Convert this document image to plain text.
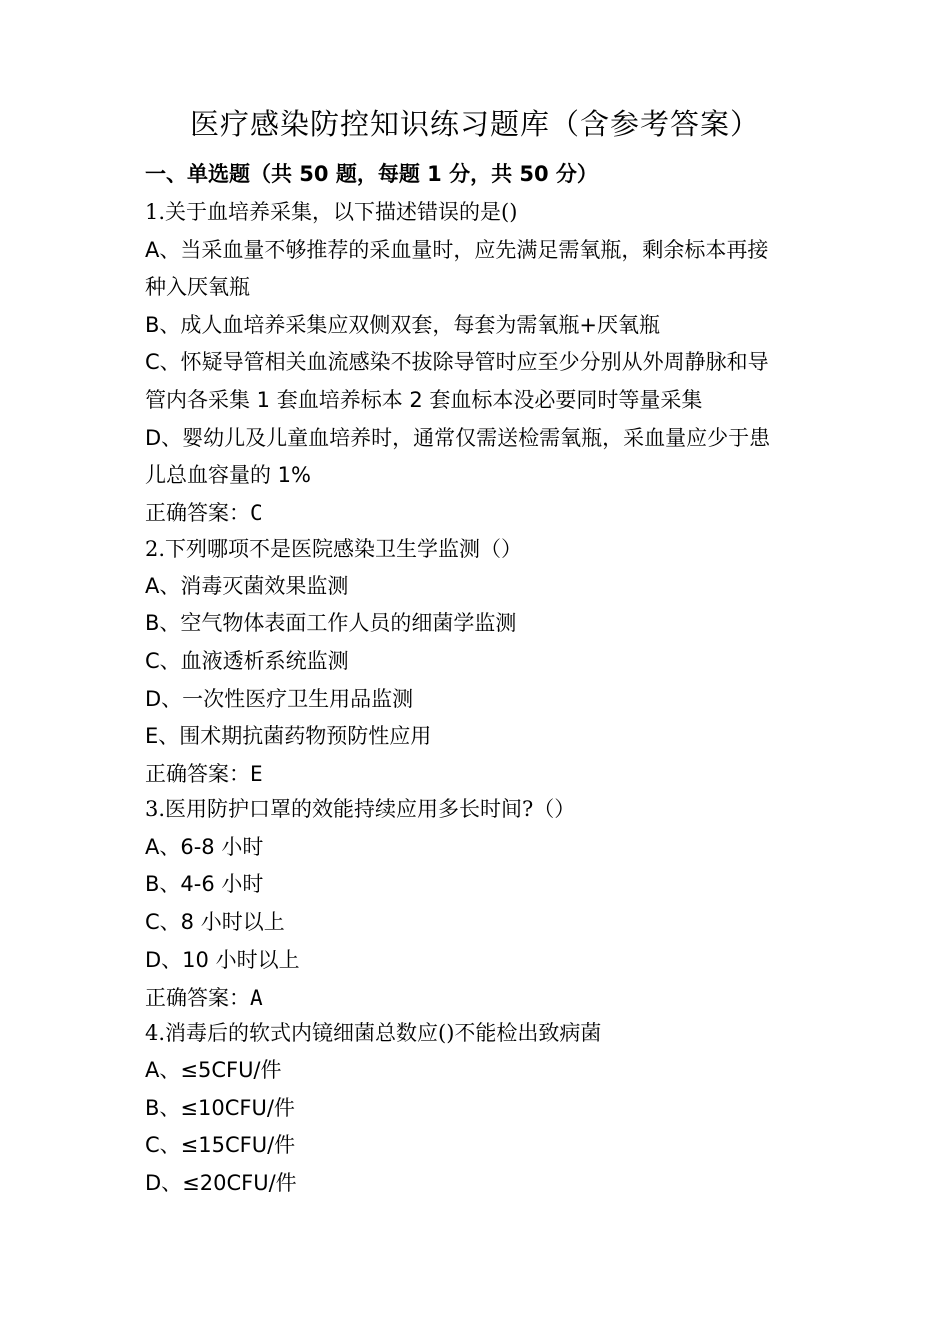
医疗感染防控知识练习题库（含参考答案）
一、单选题（共 50 题，每题 1 分，共 50 分）
1.关于血培养采集，以下描述错误的是()
A、当采血量不够推荐的采血量时，应先满足需氧瓶，剩余标本再接
种入厌氧瓶
B、成人血培养采集应双侧双套，每套为需氧瓶+厌氧瓶
C、怀疑导管相关血流感染不拔除导管时应至少分别从外周静脉和导
管内各采集 1 套血培养标本 2 套血标本没必要同时等量采集
D、婴幼儿及儿童血培养时，通常仅需送检需氧瓶，采血量应少于患
儿总血容量的 1%
正确答案：C
2.下列哪项不是医院感染卫生学监测（）
A、消毒灭菌效果监测
B、空气物体表面工作人员的细菌学监测
C、血液透析系统监测
D、一次性医疗卫生用品监测
E、围术期抗菌药物预防性应用
正确答案：E
3.医用防护口罩的效能持续应用多长时间?（）
A、6-8 小时
B、4-6 小时
C、8 小时以上
D、10 小时以上
正确答案：A
4.消毒后的软式内镜细菌总数应()不能检出致病菌
A、≤5CFU/件
B、≤10CFU/件
C、≤15CFU/件
D、≤20CFU/件
